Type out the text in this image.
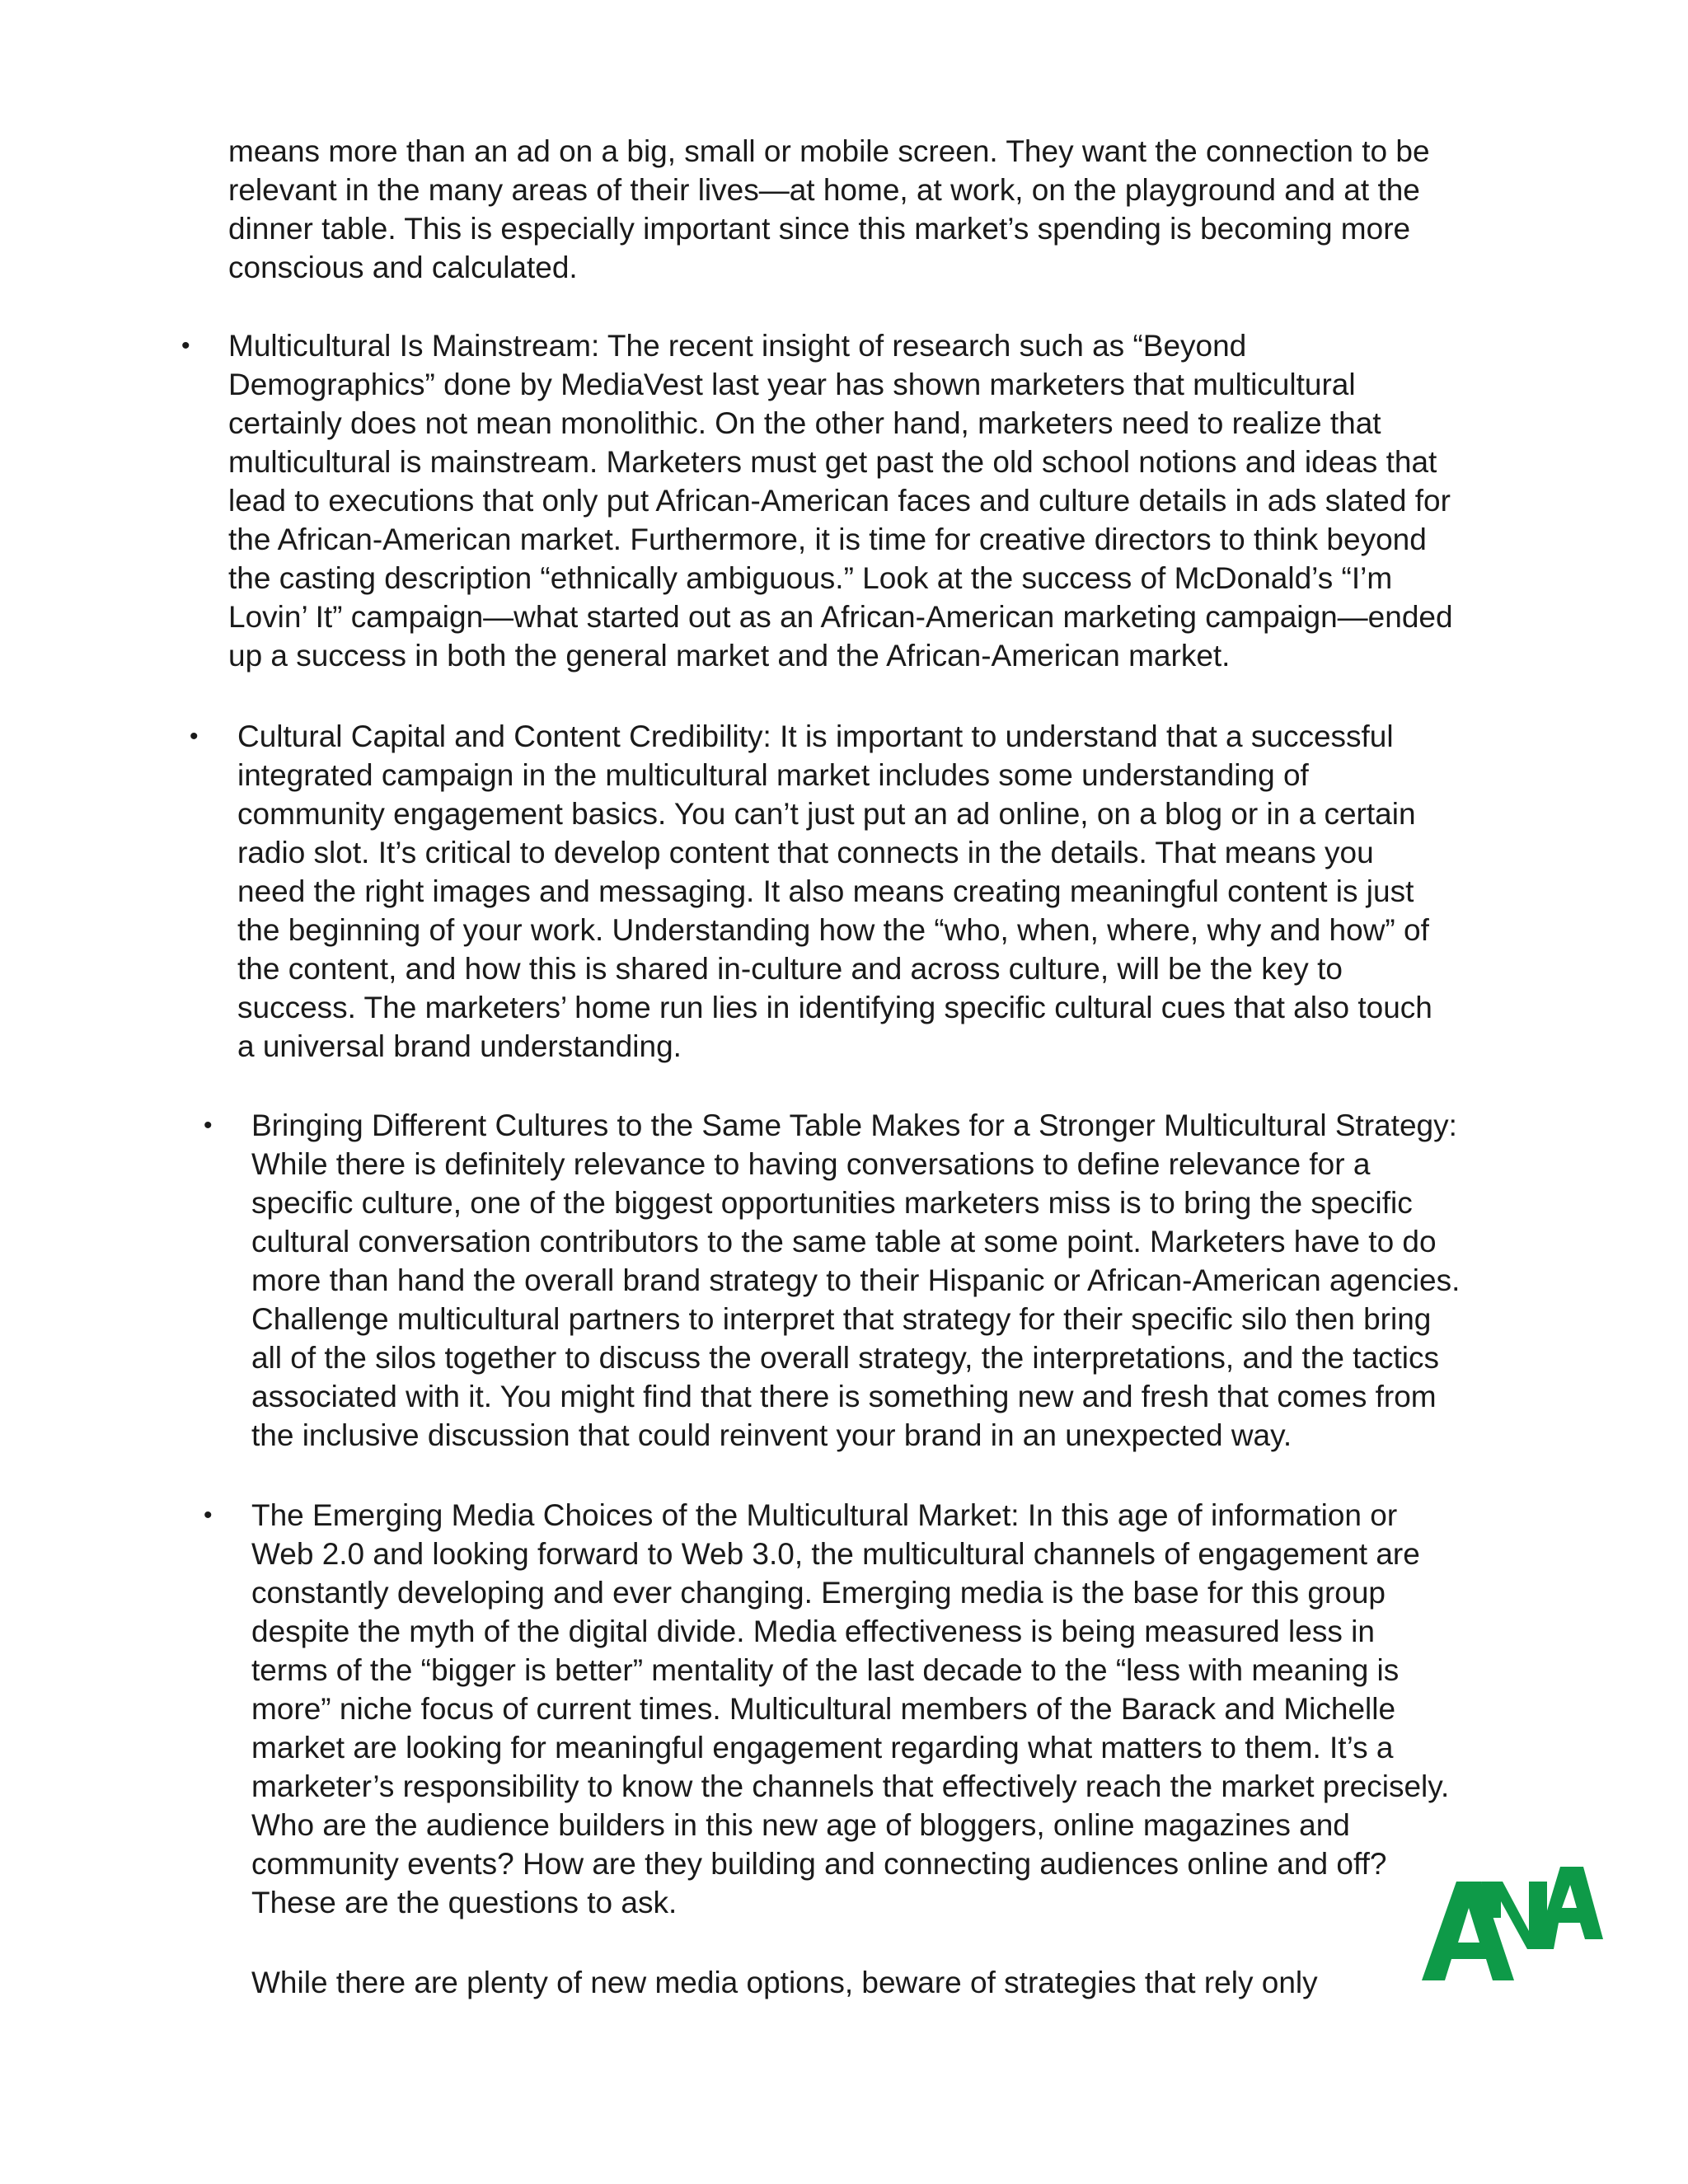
means more than an ad on a big, small or mobile screen. They want the connection to be
relevant in the many areas of their lives—at home, at work, on the playground and at the
dinner table. This is especially important since this market’s spending is becoming more
conscious and calculated.

• Multicultural Is Mainstream: The recent insight of research such as “Beyond
Demographics” done by MediaVest last year has shown marketers that multicultural
certainly does not mean monolithic. On the other hand, marketers need to realize that
multicultural is mainstream. Marketers must get past the old school notions and ideas that
lead to executions that only put African-American faces and culture details in ads slated for
the African-American market. Furthermore, it is time for creative directors to think beyond
the casting description “ethnically ambiguous.” Look at the success of McDonald’s “I’m
Lovin’ It” campaign—what started out as an African-American marketing campaign—ended
up a success in both the general market and the African-American market.

• Cultural Capital and Content Credibility: It is important to understand that a successful
integrated campaign in the multicultural market includes some understanding of
community engagement basics. You can’t just put an ad online, on a blog or in a certain
radio slot. It’s critical to develop content that connects in the details. That means you
need the right images and messaging. It also means creating meaningful content is just
the beginning of your work. Understanding how the “who, when, where, why and how” of
the content, and how this is shared in-culture and across culture, will be the key to
success. The marketers’ home run lies in identifying specific cultural cues that also touch
a universal brand understanding.

• Bringing Different Cultures to the Same Table Makes for a Stronger Multicultural Strategy:
While there is definitely relevance to having conversations to define relevance for a
specific culture, one of the biggest opportunities marketers miss is to bring the specific
cultural conversation contributors to the same table at some point. Marketers have to do
more than hand the overall brand strategy to their Hispanic or African-American agencies.
Challenge multicultural partners to interpret that strategy for their specific silo then bring
all of the silos together to discuss the overall strategy, the interpretations, and the tactics
associated with it. You might find that there is something new and fresh that comes from
the inclusive discussion that could reinvent your brand in an unexpected way.

• The Emerging Media Choices of the Multicultural Market: In this age of information or
Web 2.0 and looking forward to Web 3.0, the multicultural channels of engagement are
constantly developing and ever changing. Emerging media is the base for this group
despite the myth of the digital divide. Media effectiveness is being measured less in
terms of the “bigger is better” mentality of the last decade to the “less with meaning is
more” niche focus of current times. Multicultural members of the Barack and Michelle
market are looking for meaningful engagement regarding what matters to them. It’s a
marketer’s responsibility to know the channels that effectively reach the market precisely.
Who are the audience builders in this new age of bloggers, online magazines and
community events? How are they building and connecting audiences online and off?
These are the questions to ask.

While there are plenty of new media options, beware of strategies that rely only
